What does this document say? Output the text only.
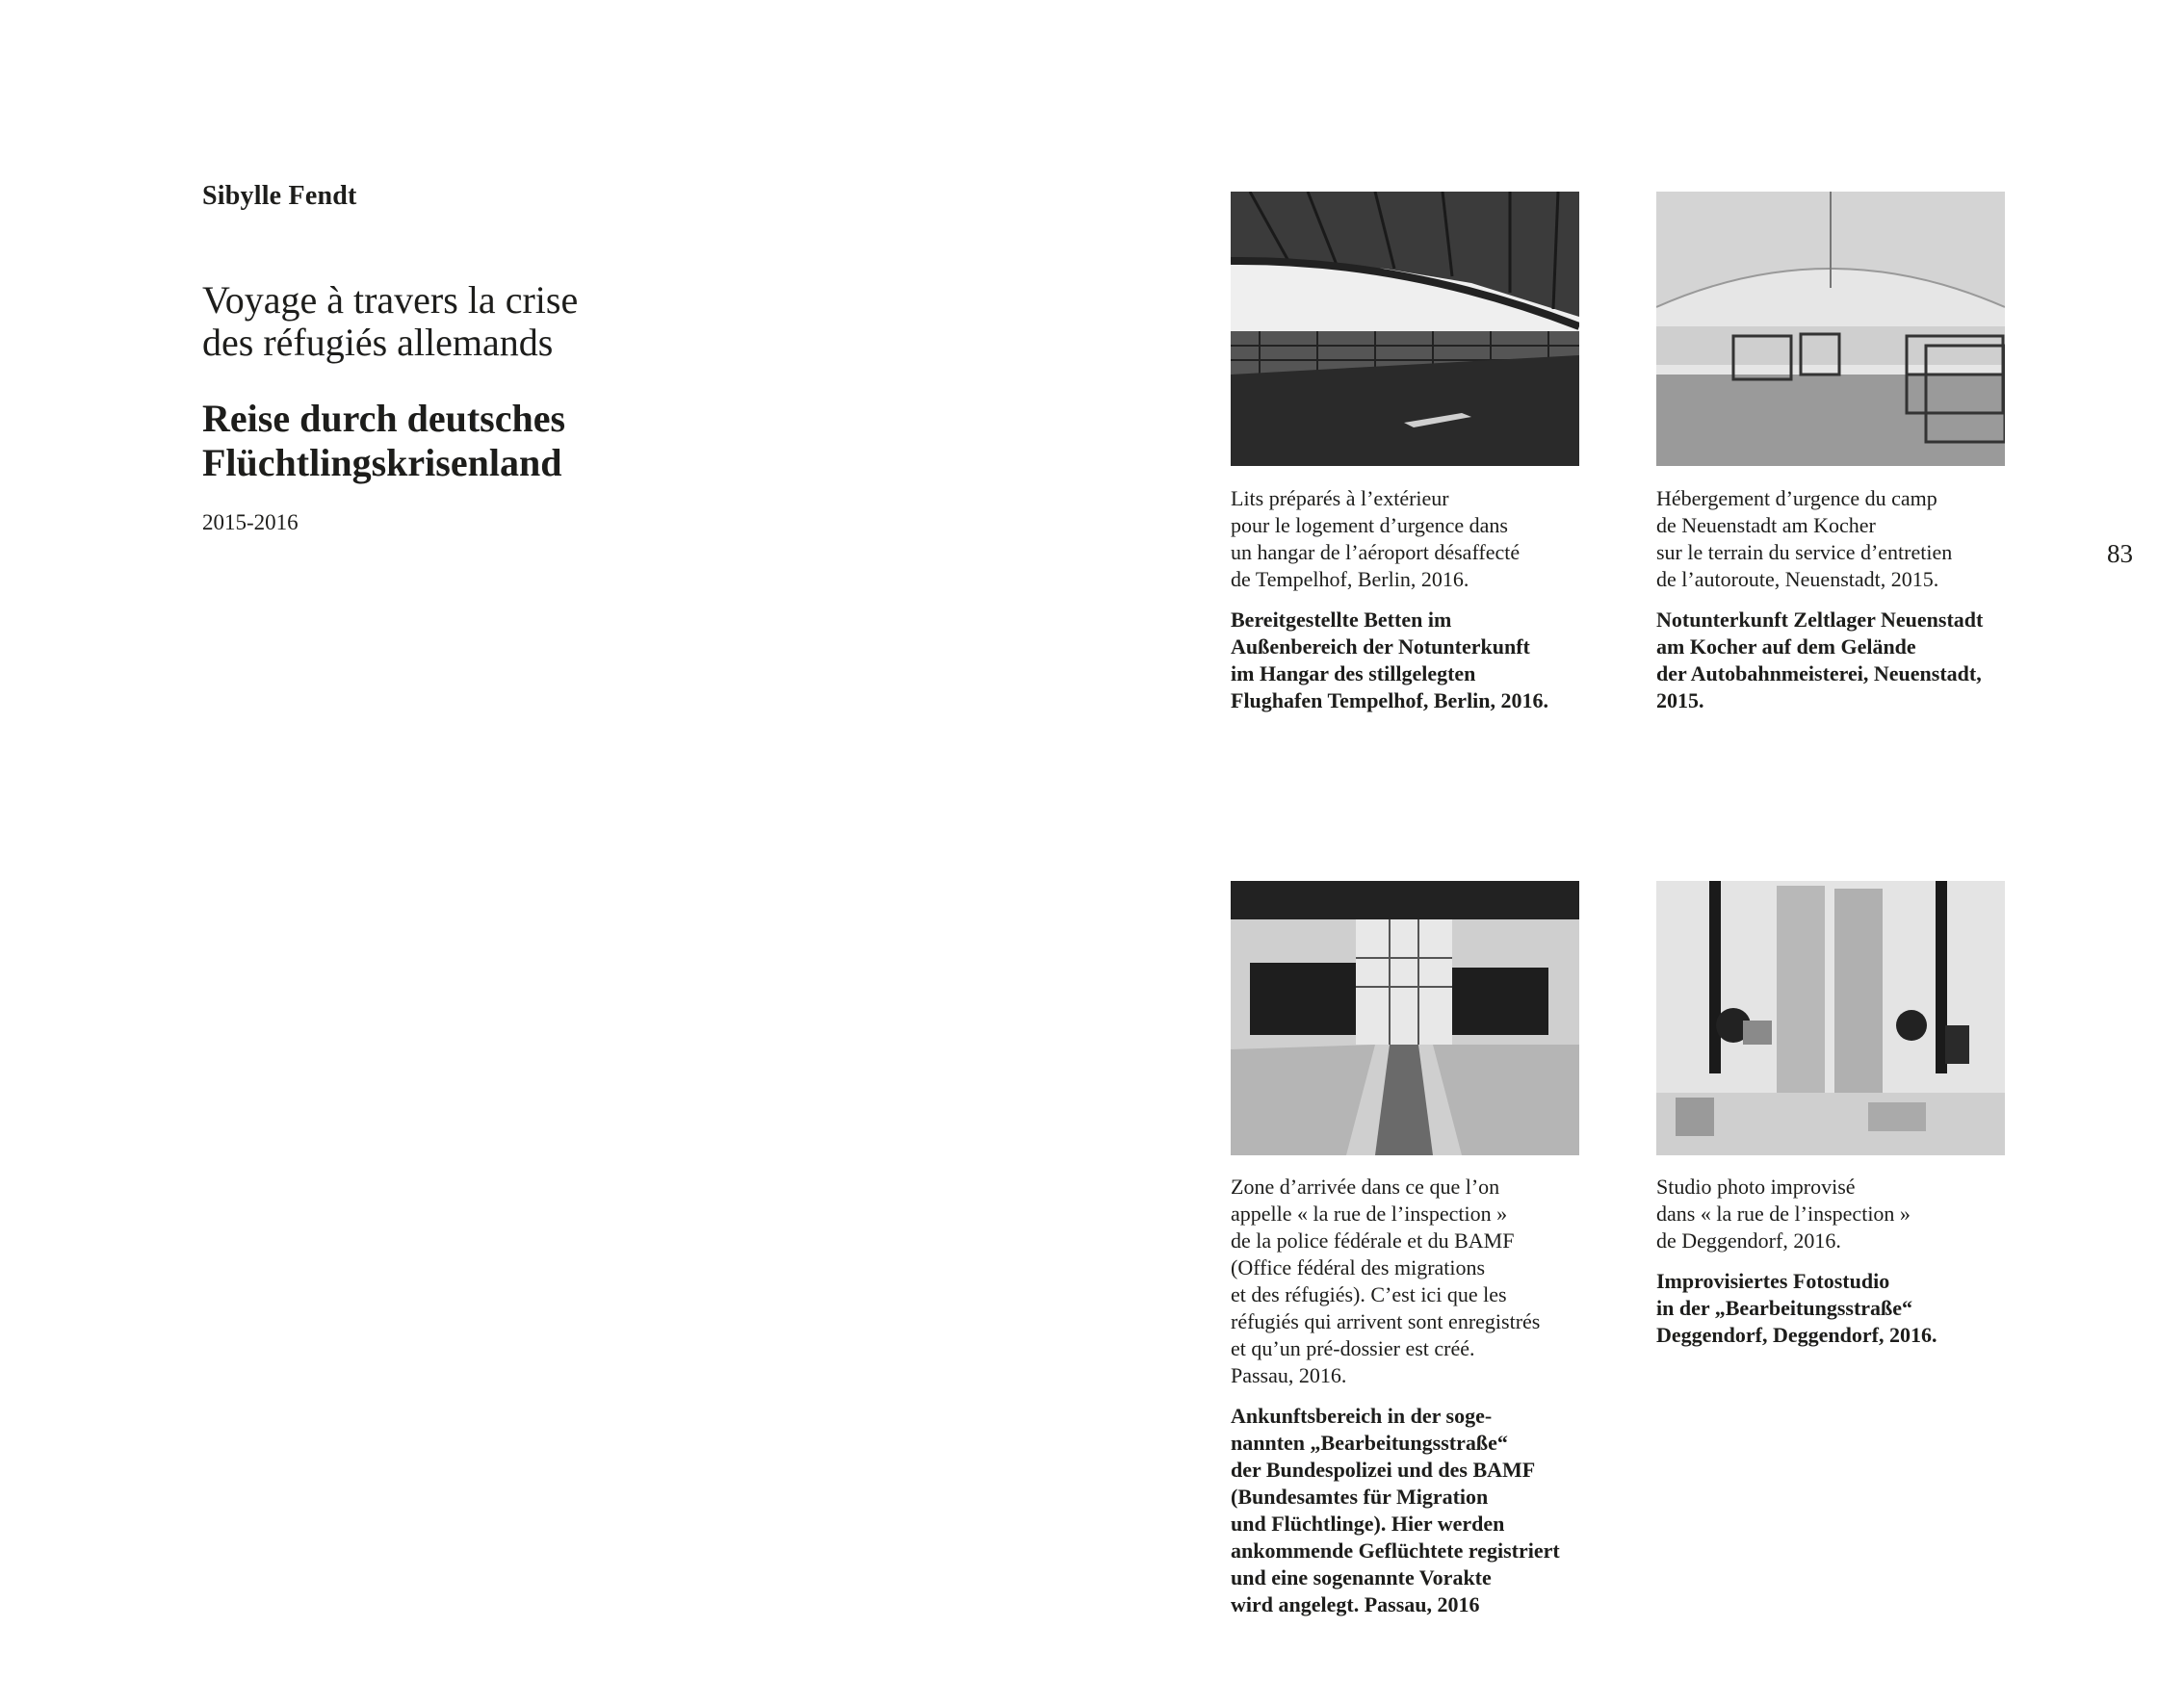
Sibylle Fendt
Voyage à travers la crise
des réfugiés allemands
Reise durch deutsches
Flüchtlingskrisenland
2015-2016
83

Lits préparés à l’extérieur
pour le logement d’urgence dans
un hangar de l’aéroport désaffecté
de Tempelhof, Berlin, 2016.

Bereitgestellte Betten im
Außenbereich der Notunterkunft
im Hangar des stillgelegten
Flughafen Tempelhof, Berlin, 2016.

Hébergement d’urgence du camp
de Neuenstadt am Kocher
sur le terrain du service d’entretien
de l’autoroute, Neuenstadt, 2015.

Notunterkunft Zeltlager Neuenstadt
am Kocher auf dem Gelände
der Autobahnmeisterei, Neuenstadt,
2015.

Zone d’arrivée dans ce que l’on
appelle « la rue de l’inspection »
de la police fédérale et du BAMF
(Office fédéral des migrations
et des réfugiés). C’est ici que les
réfugiés qui arrivent sont enregistrés
et qu’un pré-dossier est créé.
Passau, 2016.

Ankunftsbereich in der soge-
nannten „Bearbeitungsstraße“
der Bundespolizei und des BAMF
(Bundesamtes für Migration
und Flüchtlinge). Hier werden
ankommende Geflüchtete registriert
und eine sogenannte Vorakte
wird angelegt. Passau, 2016

Studio photo improvisé
dans « la rue de l’inspection »
de Deggendorf, 2016.

Improvisiertes Fotostudio
in der „Bearbeitungsstraße“
Deggendorf, Deggendorf, 2016.
